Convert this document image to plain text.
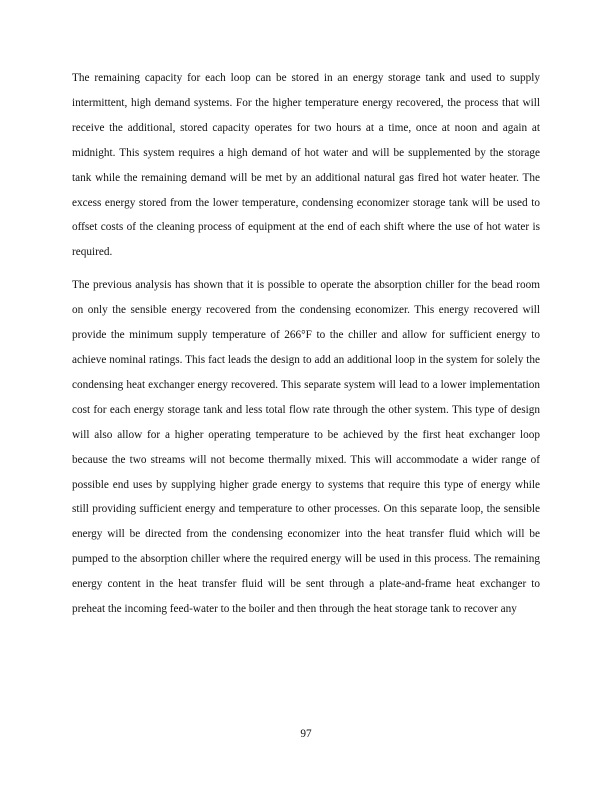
The remaining capacity for each loop can be stored in an energy storage tank and used to supply intermittent, high demand systems. For the higher temperature energy recovered, the process that will receive the additional, stored capacity operates for two hours at a time, once at noon and again at midnight. This system requires a high demand of hot water and will be supplemented by the storage tank while the remaining demand will be met by an additional natural gas fired hot water heater. The excess energy stored from the lower temperature, condensing economizer storage tank will be used to offset costs of the cleaning process of equipment at the end of each shift where the use of hot water is required.

The previous analysis has shown that it is possible to operate the absorption chiller for the bead room on only the sensible energy recovered from the condensing economizer. This energy recovered will provide the minimum supply temperature of 266°F to the chiller and allow for sufficient energy to achieve nominal ratings. This fact leads the design to add an additional loop in the system for solely the condensing heat exchanger energy recovered. This separate system will lead to a lower implementation cost for each energy storage tank and less total flow rate through the other system. This type of design will also allow for a higher operating temperature to be achieved by the first heat exchanger loop because the two streams will not become thermally mixed. This will accommodate a wider range of possible end uses by supplying higher grade energy to systems that require this type of energy while still providing sufficient energy and temperature to other processes. On this separate loop, the sensible energy will be directed from the condensing economizer into the heat transfer fluid which will be pumped to the absorption chiller where the required energy will be used in this process. The remaining energy content in the heat transfer fluid will be sent through a plate-and-frame heat exchanger to preheat the incoming feed-water to the boiler and then through the heat storage tank to recover any

97
